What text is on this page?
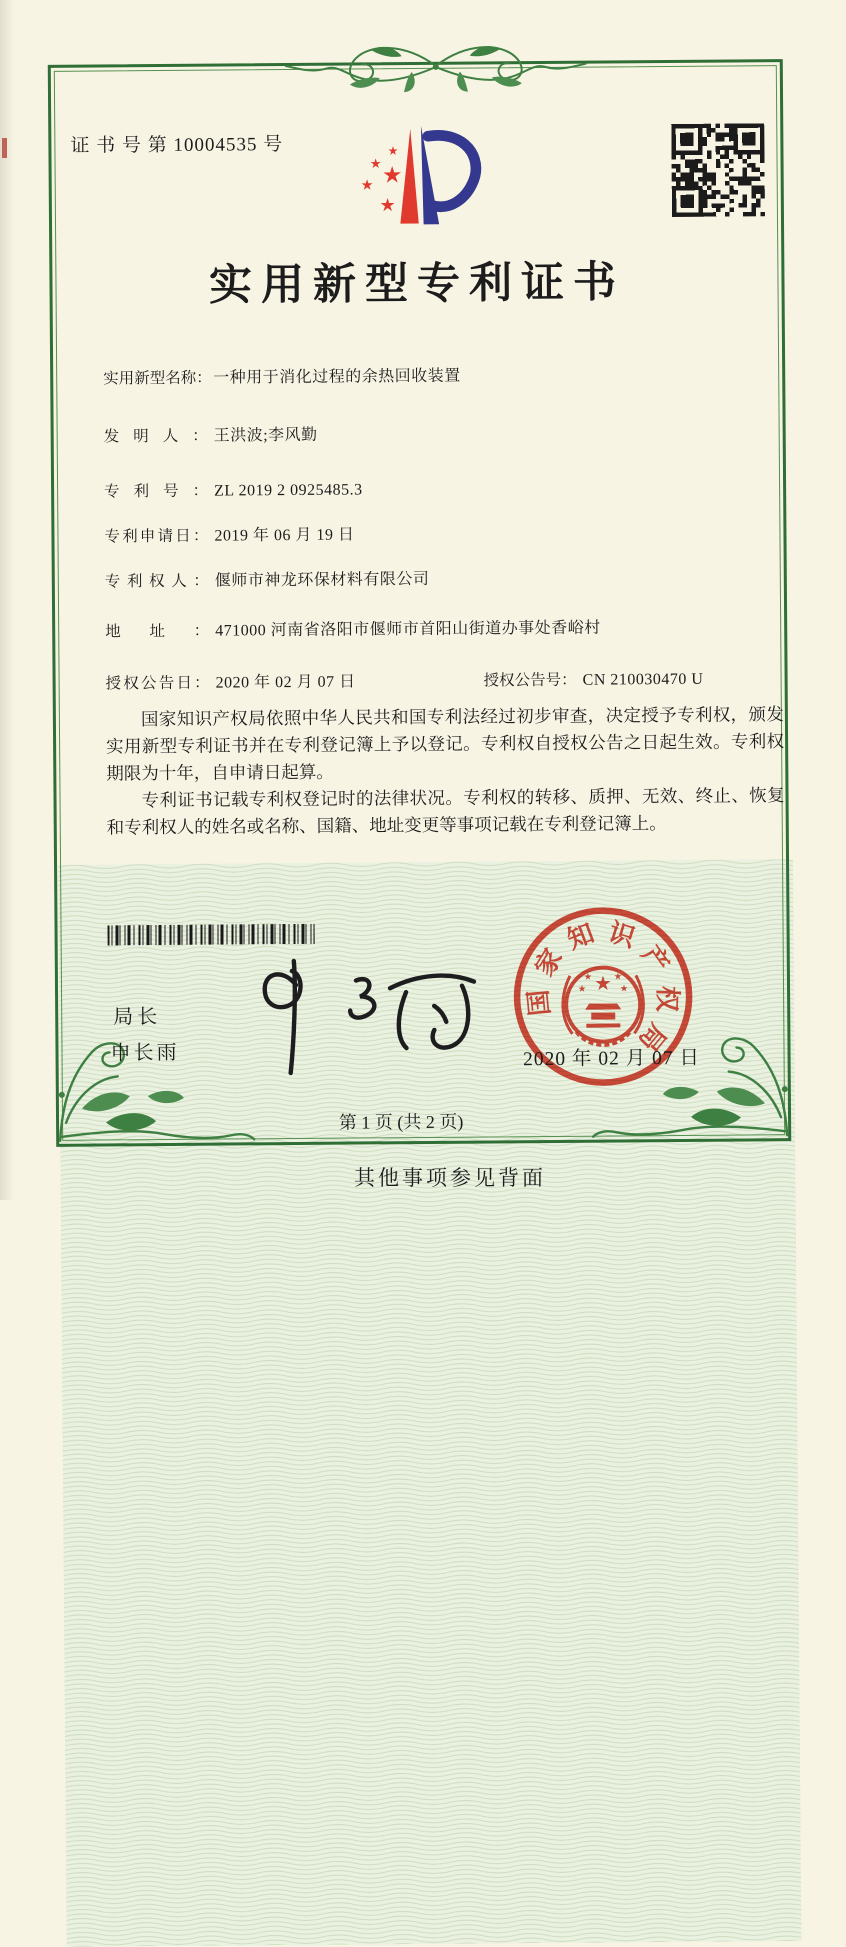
证 书 号 第 10004535 号
实用新型专利证书
实用新型名称：一种用于消化过程的余热回收装置
发明人： 王洪波;李风勤
专利号： ZL 2019 2 0925485.3
专利申请日： 2019 年 06 月 19 日
专利权人： 偃师市神龙环保材料有限公司
地址： 471000 河南省洛阳市偃师市首阳山街道办事处香峪村
授权公告日： 2020 年 02 月 07 日	授权公告号： CN 210030470 U

国家知识产权局依照中华人民共和国专利法经过初步审查，决定授予专利权，颁发实用新型专利证书并在专利登记簿上予以登记。专利权自授权公告之日起生效。专利权期限为十年，自申请日起算。

专利证书记载专利权登记时的法律状况。专利权的转移、质押、无效、终止、恢复和专利权人的姓名或名称、国籍、地址变更等事项记载在专利登记簿上。

局长
申长雨
国
家
知 识
产
权
局
2020 年 02 月 07 日
第 1 页 (共 2 页)
其他事项参见背面
